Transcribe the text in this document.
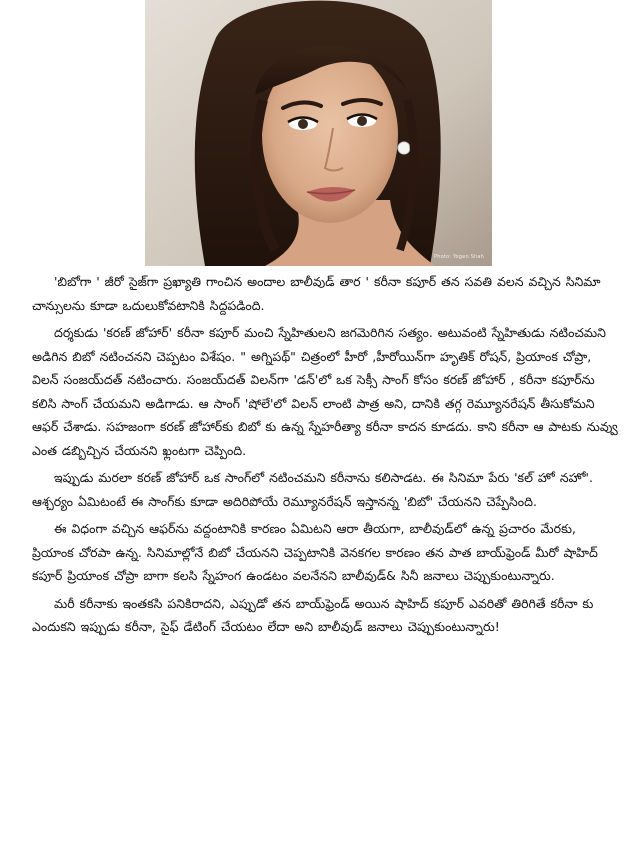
Photo: Yogen Shah

'బిబోగా ' జీరో సైజ్‌గా ప్రఖ్యాతి గాంచిన అందాల బాలీవుడ్ తార ' కరీనా కపూర్ తన సవతి వలన వచ్చిన సినిమా చాన్సులను కూడా ఒదులుకోవటానికి సిద్దపడింది.

దర్శకుడు 'కరణ్ జోహార్' కరీనా కపూర్ మంచి స్నేహితులని జగమెరిగిన సత్యం. అటువంటి స్నేహితుడు నటించమని అడిగిన బిబో నటించనని చెప్పటం విశేషం. " అగ్నిపథ్" చిత్రంలో హీరో ,హీరోయిన్‌గా హృతిక్ రోషన్, ప్రియాంక చోప్రా, విలన్ సంజయ్‌దత్ నటించారు. సంజయ్‌దత్ విలన్‌గా 'డన్'లో ఒక సెక్సీ సాంగ్ కోసం కరణ్ జోహార్ , కరీనా కపూర్‌ను కలిసి సాంగ్ చేయమని అడిగాడు. ఆ సాంగ్ 'షోలే'లో విలన్ లాంటి పాత్ర అని, దానికి తగ్గ రెమ్యూనరేషన్ తీసుకోమని ఆఫర్ చేశాడు. సహజంగా కరణ్ జోహార్‌కు బిబో కు ఉన్న స్నేహరీత్యా కరీనా కాదన కూడదు. కాని కరీనా ఆ పాటకు నువ్వు ఎంత డబ్బిచ్చిన చేయనని ఖ్లంటగా చెప్పింది.

ఇప్పుడు మరలా కరణ్ జోహార్ ఒక సాంగ్‌లో నటించమని కరీనాను కలిసాడట. ఈ సినిమా పేరు 'కల్ హో నహో'. ఆశ్చర్యం ఏమిటంటే ఈ సాంగ్‌కు కూడా అదిరిపోయే రెమ్యూనరేషన్ ఇస్తానన్న 'బిబో' చేయనని చెప్పేసింది.

ఈ విధంగా వచ్చిన ఆఫర్‌ను వద్దంటానికి కారణం ఏమిటని ఆరా తీయగా, బాలీవుడ్‌లో ఉన్న ప్రచారం మేరకు, ప్రియాంక చోరపా ఉన్న. సినిమాల్లోనే బిబో చేయనని చెప్పటానికి వెనకగల కారణం తన పాత బాయ్‌ఫ్రెండ్ మీరో షాహిద్ కపూర్ ప్రియాంక చోప్రా బాగా కలసి స్నేహంగ ఉండటం వలనేనని బాలీవుడ్& సినీ జనాలు చెప్పుకుంటున్నారు.

మరీ కరీనాకు ఇంతకసి పనికిరాదని, ఎప్పుడో తన బాయ్‌ఫ్రెండ్ అయిన షాహిద్ కపూర్ ఎవరితో తిరిగితే కరీనా కు ఎందుకని ఇప్పుడు కరీనా, సైఫ్ డేటింగ్ చేయటం లేదా అని బాలీవుడ్ జనాలు చెప్పుకుంటున్నారు!
